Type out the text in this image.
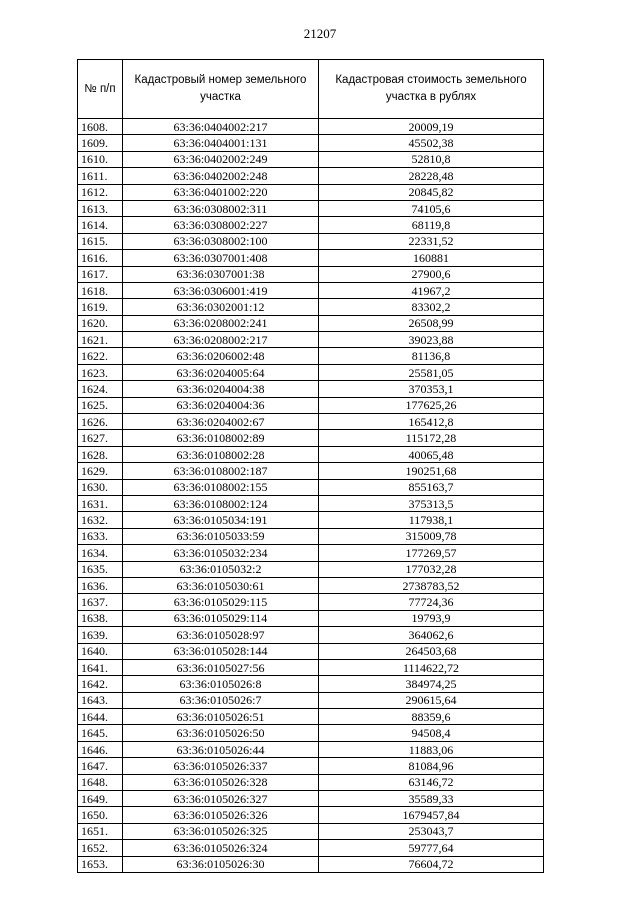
21207
№ п/п	Кадастровый номер земельного участка	Кадастровая стоимость земельного участка в рублях
1608.	63:36:0404002:217	20009,19
1609.	63:36:0404001:131	45502,38
1610.	63:36:0402002:249	52810,8
1611.	63:36:0402002:248	28228,48
1612.	63:36:0401002:220	20845,82
1613.	63:36:0308002:311	74105,6
1614.	63:36:0308002:227	68119,8
1615.	63:36:0308002:100	22331,52
1616.	63:36:0307001:408	160881
1617.	63:36:0307001:38	27900,6
1618.	63:36:0306001:419	41967,2
1619.	63:36:0302001:12	83302,2
1620.	63:36:0208002:241	26508,99
1621.	63:36:0208002:217	39023,88
1622.	63:36:0206002:48	81136,8
1623.	63:36:0204005:64	25581,05
1624.	63:36:0204004:38	370353,1
1625.	63:36:0204004:36	177625,26
1626.	63:36:0204002:67	165412,8
1627.	63:36:0108002:89	115172,28
1628.	63:36:0108002:28	40065,48
1629.	63:36:0108002:187	190251,68
1630.	63:36:0108002:155	855163,7
1631.	63:36:0108002:124	375313,5
1632.	63:36:0105034:191	117938,1
1633.	63:36:0105033:59	315009,78
1634.	63:36:0105032:234	177269,57
1635.	63:36:0105032:2	177032,28
1636.	63:36:0105030:61	2738783,52
1637.	63:36:0105029:115	77724,36
1638.	63:36:0105029:114	19793,9
1639.	63:36:0105028:97	364062,6
1640.	63:36:0105028:144	264503,68
1641.	63:36:0105027:56	1114622,72
1642.	63:36:0105026:8	384974,25
1643.	63:36:0105026:7	290615,64
1644.	63:36:0105026:51	88359,6
1645.	63:36:0105026:50	94508,4
1646.	63:36:0105026:44	11883,06
1647.	63:36:0105026:337	81084,96
1648.	63:36:0105026:328	63146,72
1649.	63:36:0105026:327	35589,33
1650.	63:36:0105026:326	1679457,84
1651.	63:36:0105026:325	253043,7
1652.	63:36:0105026:324	59777,64
1653.	63:36:0105026:30	76604,72
